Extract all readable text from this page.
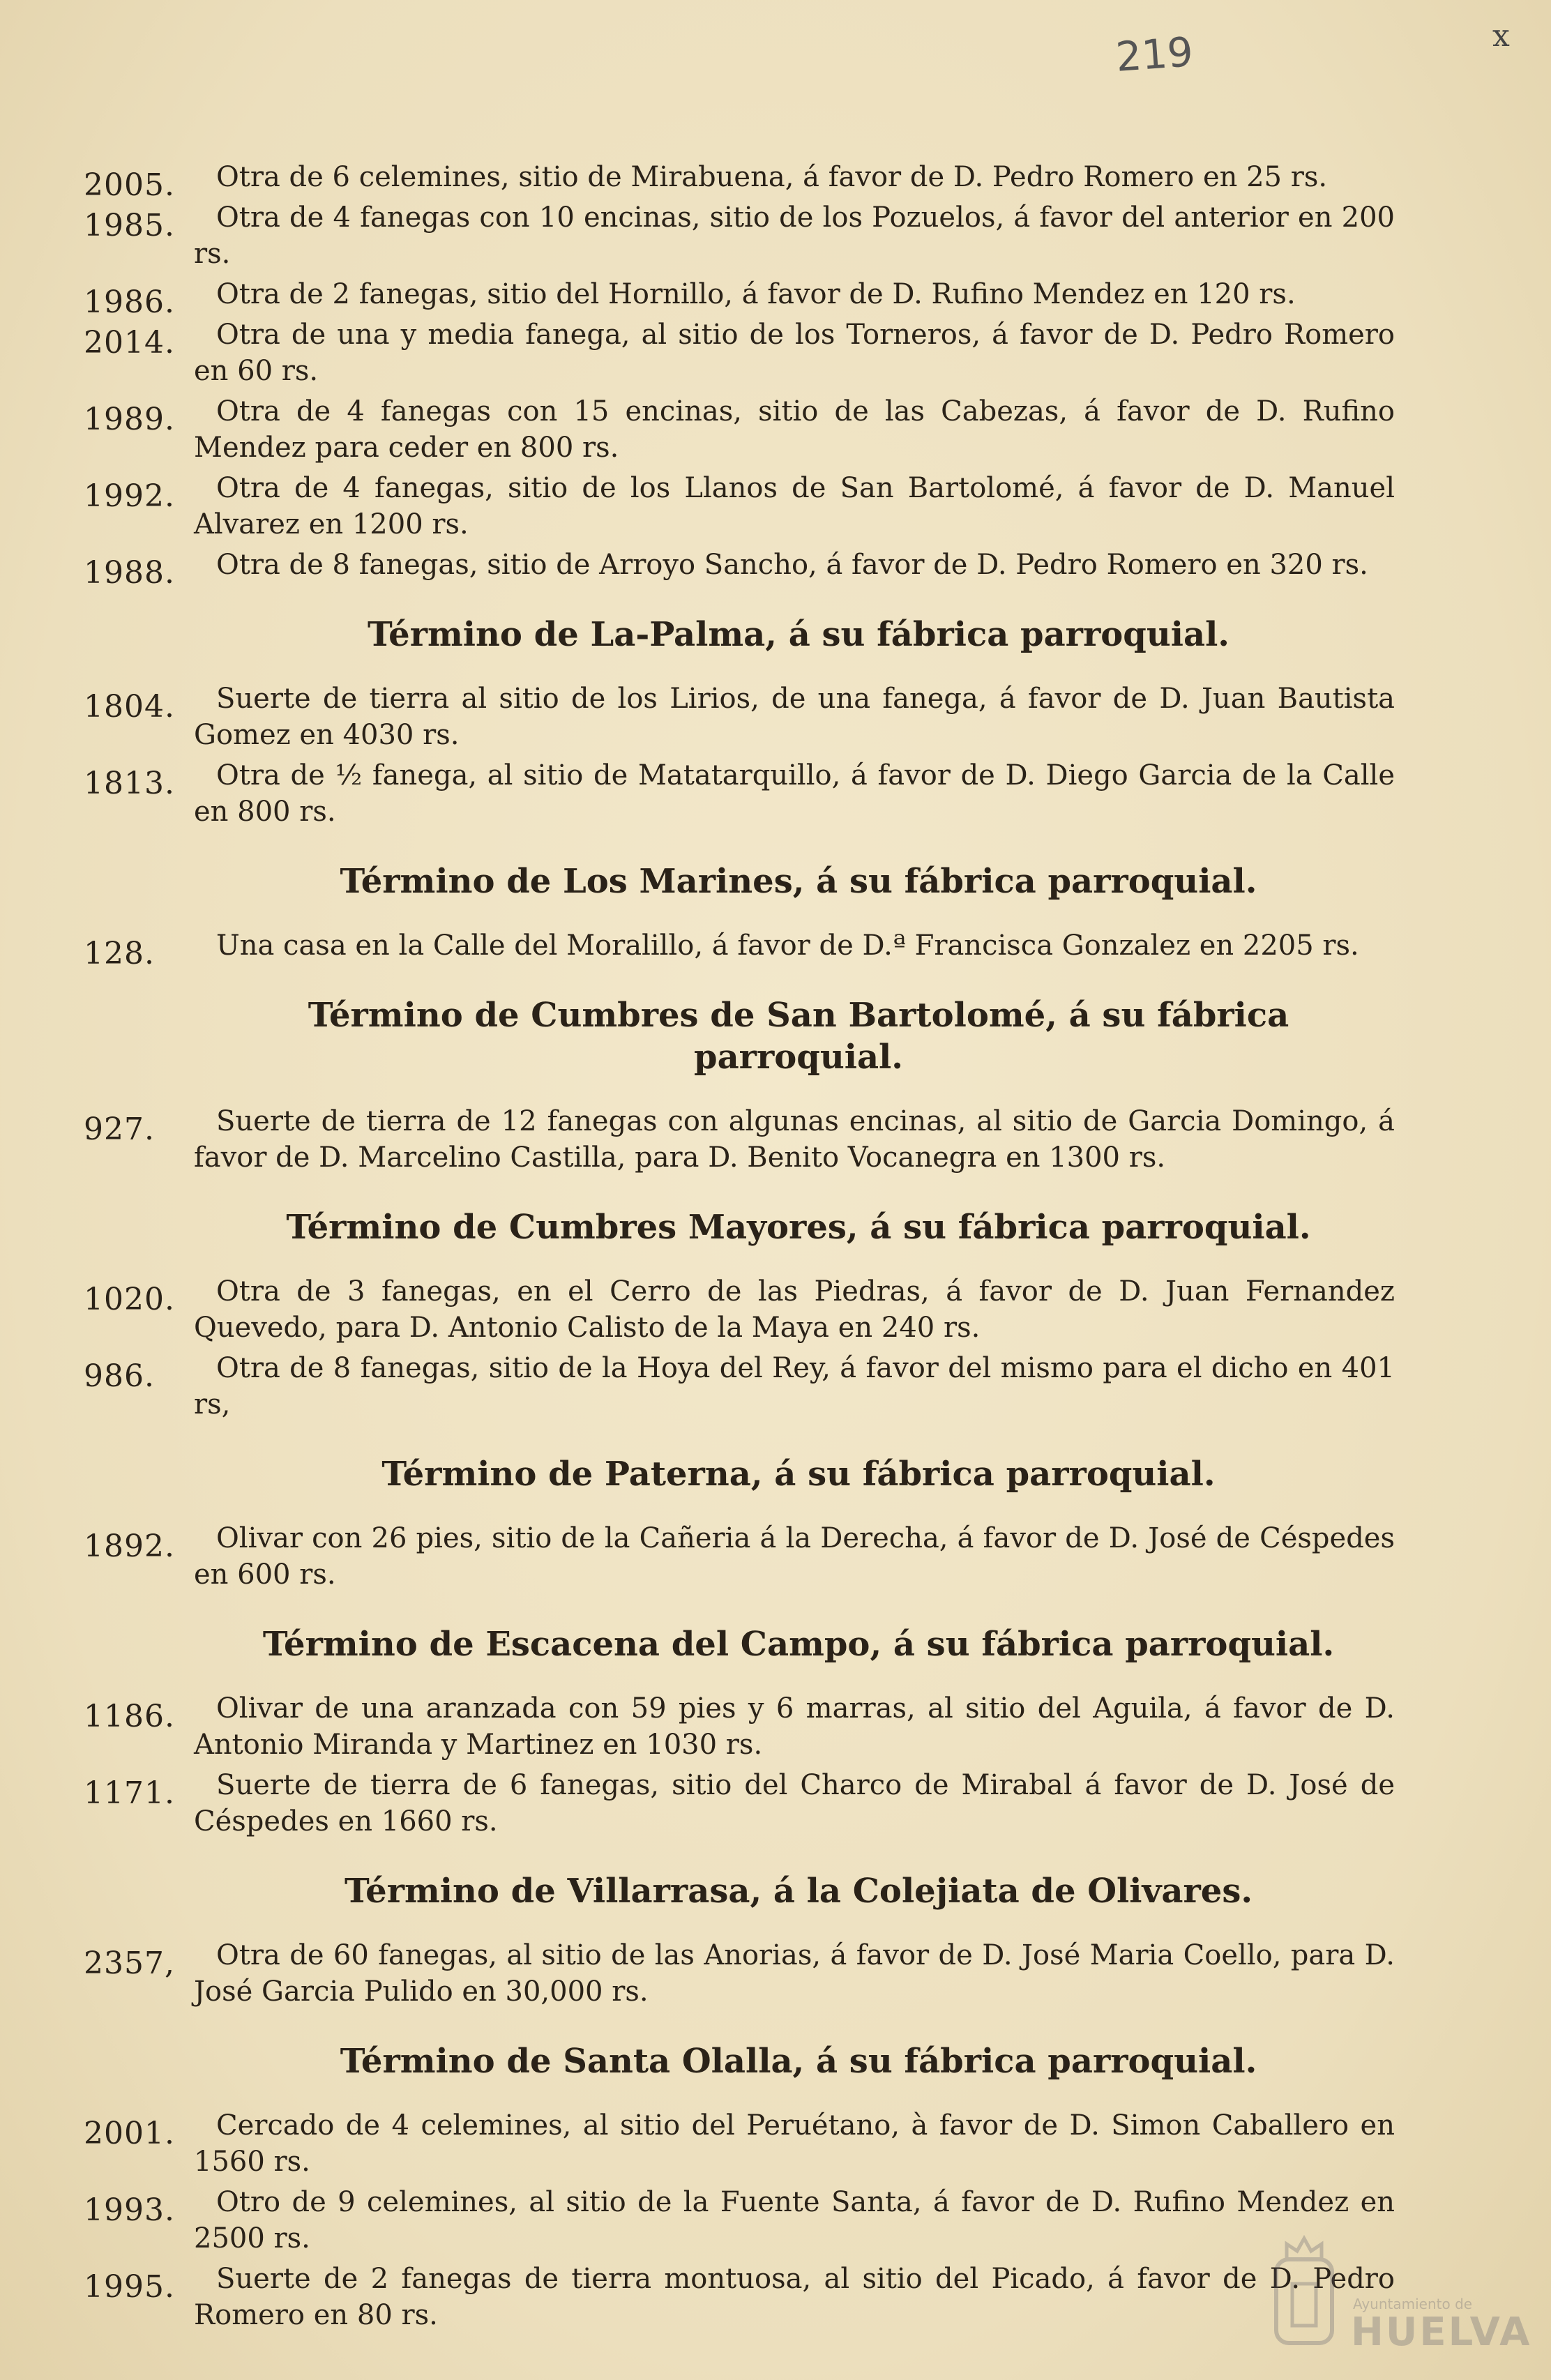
219	x
2005.	Otra de 6 celemines, sitio de Mirabuena, á favor de D. Pedro Romero en 25 rs.
1985.	Otra de 4 fanegas con 10 encinas, sitio de los Pozuelos, á favor del anterior en 200 rs.
1986.	Otra de 2 fanegas, sitio del Hornillo, á favor de D. Rufino Mendez en 120 rs.
2014.	Otra de una y media fanega, al sitio de los Torneros, á favor de D. Pedro Romero en 60 rs.
1989.	Otra de 4 fanegas con 15 encinas, sitio de las Cabezas, á favor de D. Rufino Mendez para ceder en 800 rs.
1992.	Otra de 4 fanegas, sitio de los Llanos de San Bartolomé, á favor de D. Manuel Alvarez en 1200 rs.
1988.	Otra de 8 fanegas, sitio de Arroyo Sancho, á favor de D. Pedro Romero en 320 rs.
Término de La-Palma, á su fábrica parroquial.
1804.	Suerte de tierra al sitio de los Lirios, de una fanega, á favor de D. Juan Bautista Gomez en 4030 rs.
1813.	Otra de ½ fanega, al sitio de Matatarquillo, á favor de D. Diego Garcia de la Calle en 800 rs.
Término de Los Marines, á su fábrica parroquial.
128.	Una casa en la Calle del Moralillo, á favor de D.ª Francisca Gonzalez en 2205 rs.
Término de Cumbres de San Bartolomé, á su fábrica parroquial.
927.	Suerte de tierra de 12 fanegas con algunas encinas, al sitio de Garcia Domingo, á favor de D. Marcelino Castilla, para D. Benito Vocanegra en 1300 rs.
Término de Cumbres Mayores, á su fábrica parroquial.
1020.	Otra de 3 fanegas, en el Cerro de las Piedras, á favor de D. Juan Fernandez Quevedo, para D. Antonio Calisto de la Maya en 240 rs.
986.	Otra de 8 fanegas, sitio de la Hoya del Rey, á favor del mismo para el dicho en 401 rs,
Término de Paterna, á su fábrica parroquial.
1892.	Olivar con 26 pies, sitio de la Cañeria á la Derecha, á favor de D. José de Céspedes en 600 rs.
Término de Escacena del Campo, á su fábrica parroquial.
1186.	Olivar de una aranzada con 59 pies y 6 marras, al sitio del Aguila, á favor de D. Antonio Miranda y Martinez en 1030 rs.
1171.	Suerte de tierra de 6 fanegas, sitio del Charco de Mirabal á favor de D. José de Céspedes en 1660 rs.
Término de Villarrasa, á la Colejiata de Olivares.
2357,	Otra de 60 fanegas, al sitio de las Anorias, á favor de D. José Maria Coello, para D. José Garcia Pulido en 30,000 rs.
Término de Santa Olalla, á su fábrica parroquial.
2001.	Cercado de 4 celemines, al sitio del Peruétano, à favor de D. Simon Caballero en 1560 rs.
1993.	Otro de 9 celemines, al sitio de la Fuente Santa, á favor de D. Rufino Mendez en 2500 rs.
1995.	Suerte de 2 fanegas de tierra montuosa, al sitio del Picado, á favor de D. Pedro Romero en 80 rs.	Ayuntamiento de
HUELVA
